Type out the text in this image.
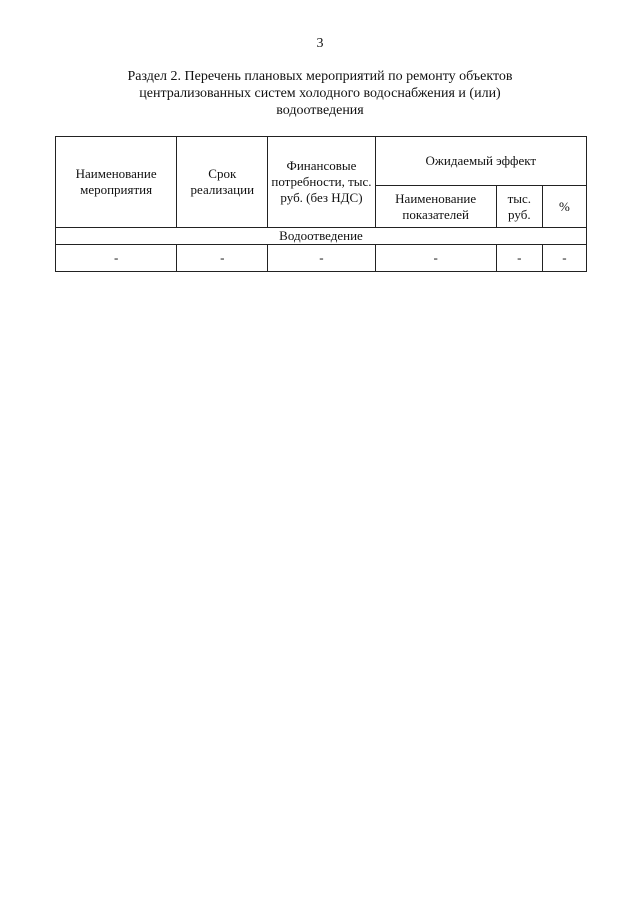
3
Раздел 2. Перечень плановых мероприятий по ремонту объектов
централизованных систем холодного водоснабжения и (или)
водоотведения
Наименование мероприятия	Срок реализации	Финансовые потребности, тыс. руб. (без НДС)	Ожидаемый эффект		
			Наименование показателей	тыс. руб.	%
Водоотведение					
-	-	-	-	-	-
